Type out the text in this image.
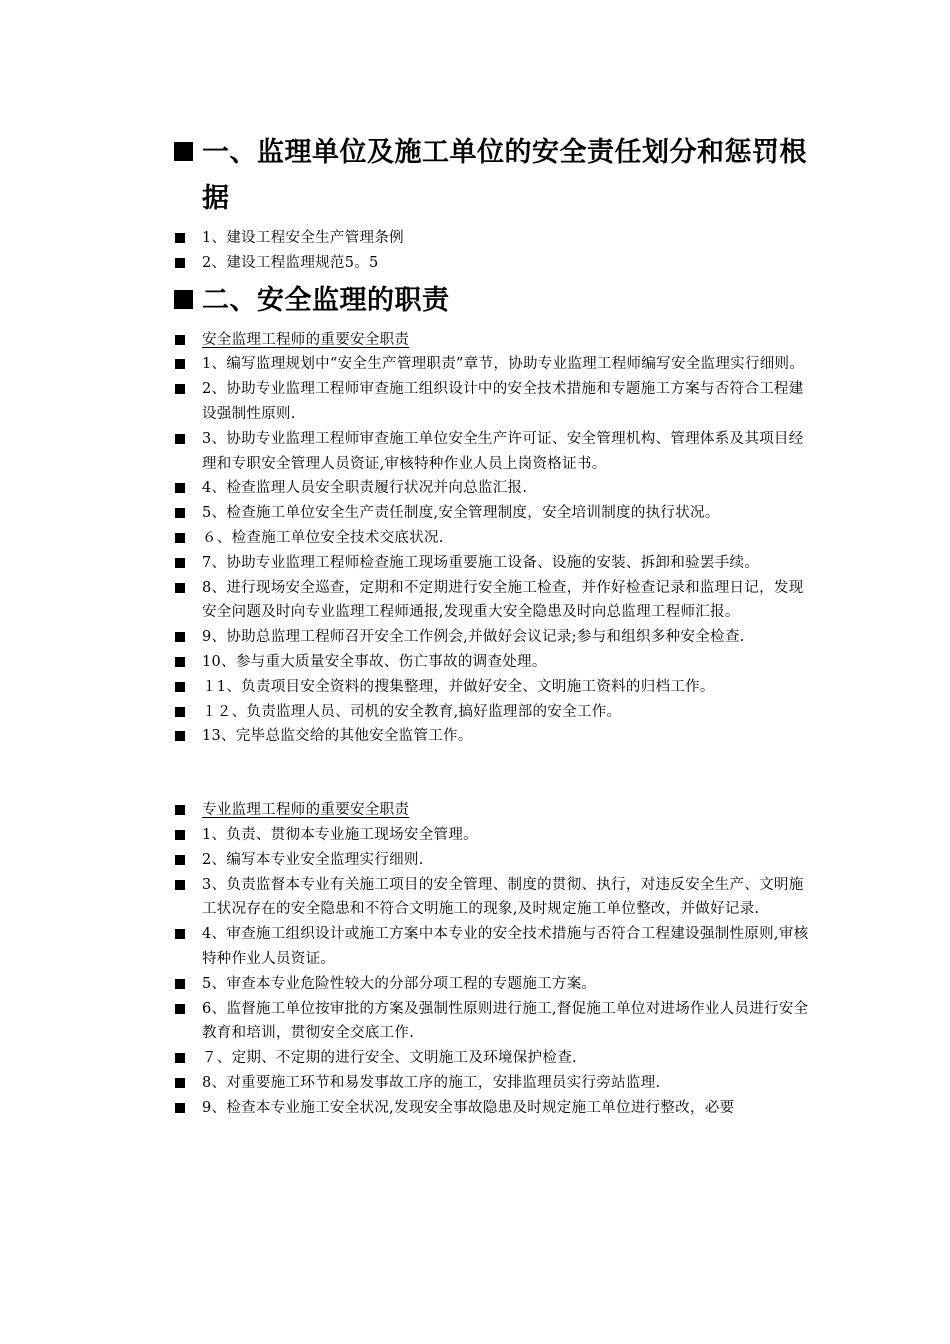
一、监理单位及施工单位的安全责任划分和惩罚根据

1、建设工程安全生产管理条例

2、建设工程监理规范5。5

二、安全监理的职责

安全监理工程师的重要安全职责

1、编写监理规划中“安全生产管理职责”章节，协助专业监理工程师编写安全监理实行细则。

2、协助专业监理工程师审查施工组织设计中的安全技术措施和专题施工方案与否符合工程建设强制性原则.

3、协助专业监理工程师审查施工单位安全生产许可证、安全管理机构、管理体系及其项目经理和专职安全管理人员资证,审核特种作业人员上岗资格证书。

4、检查监理人员安全职责履行状况并向总监汇报.

5、检查施工单位安全生产责任制度,安全管理制度，安全培训制度的执行状况。

６、检查施工单位安全技术交底状况.

7、协助专业监理工程师检查施工现场重要施工设备、设施的安装、拆卸和验罢手续。

8、进行现场安全巡查，定期和不定期进行安全施工检查，并作好检查记录和监理日记，发现安全问题及时向专业监理工程师通报,发现重大安全隐患及时向总监理工程师汇报。

9、协助总监理工程师召开安全工作例会,并做好会议记录;参与和组织多种安全检查.

10、参与重大质量安全事故、伤亡事故的调查处理。

１1、负责项目安全资料的搜集整理，并做好安全、文明施工资料的归档工作。

１２、负责监理人员、司机的安全教育,搞好监理部的安全工作。

13、完毕总监交给的其他安全监管工作。

专业监理工程师的重要安全职责

1、负责、贯彻本专业施工现场安全管理。

2、编写本专业安全监理实行细则.

3、负责监督本专业有关施工项目的安全管理、制度的贯彻、执行，对违反安全生产、文明施工状况存在的安全隐患和不符合文明施工的现象,及时规定施工单位整改，并做好记录.

4、审查施工组织设计或施工方案中本专业的安全技术措施与否符合工程建设强制性原则,审核特种作业人员资证。

5、审查本专业危险性较大的分部分项工程的专题施工方案。

6、监督施工单位按审批的方案及强制性原则进行施工,督促施工单位对进场作业人员进行安全教育和培训，贯彻安全交底工作.

７、定期、不定期的进行安全、文明施工及环境保护检查.

8、对重要施工环节和易发事故工序的施工，安排监理员实行旁站监理.

9、检查本专业施工安全状况,发现安全事故隐患及时规定施工单位进行整改，必要
